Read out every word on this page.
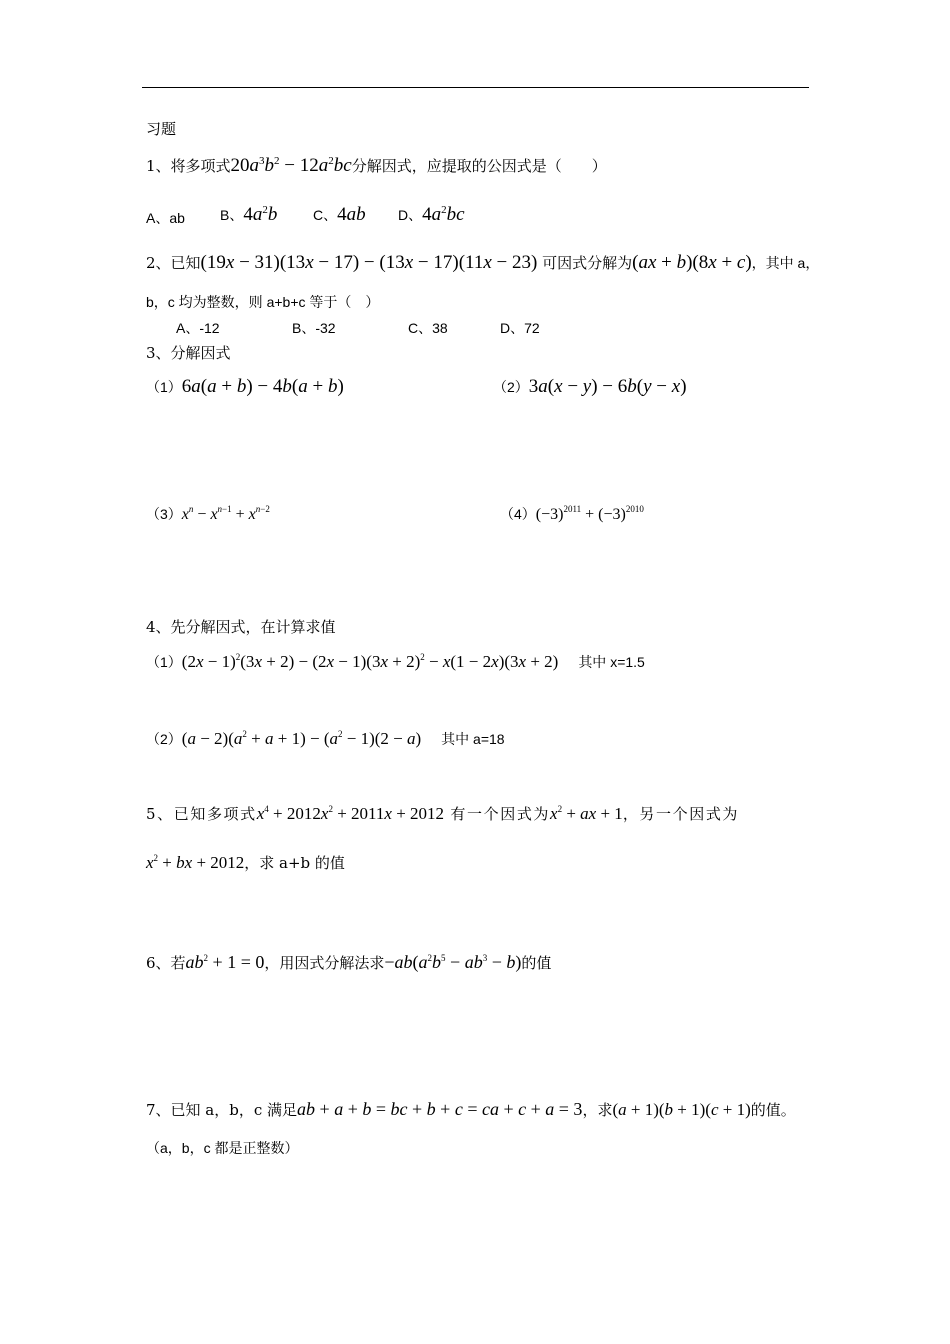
习题
1、将多项式$20a^3b^2 - 12a^2bc$分解因式，应提取的公因式是（　　）
A、ab	B、$4a^2b$	C、4ab D、$4a^2bc$
2、已知(19x − 31)(13x − 17) − (13x − 17)(11x − 23) 可因式分解为(ax + b)(8x + c)，其中 a，
b，c 均为整数，则 a+b+c 等于（　）
A、-12	B、-32	C、38	D、72
3、分解因式
（1）6a(a + b) − 4b(a + b)	（2）3a(x − y) − 6b(y − x)
$(3)x^n - x^{n-1} + x^{n-2}$	$(4)(-3)^{2011} + (-3)^{2010}$
4、先分解因式，在计算求值
$(1)(2x - 1)^2(3x + 2) - (2x - 1)(3x + 2)^2 - x(1 - 2x)(3x + 2)$ 其中 x=1.5
$(2)(a - 2)(a^2 + a + 1) - (a^2 - 1)(2 - a)$ 其中 a=18
5、已知多项式$x^4 + 2012x^2 + 2011x + 2012$ 有一个因式为$x^2$ + ax + 1，另一个因式为
$x^2$ + bx + 2012，求 a+b 的值
6、若$ab^2 + 1 = 0$，用因式分解法求$-ab(a^2b^5 - ab^3 - b)$的值
7、已知 a，b，c 满足ab + a + b = bc + b + c = ca + c + a = 3，求(a + 1)(b + 1)(c + 1)的值。
（a，b，c 都是正整数）
